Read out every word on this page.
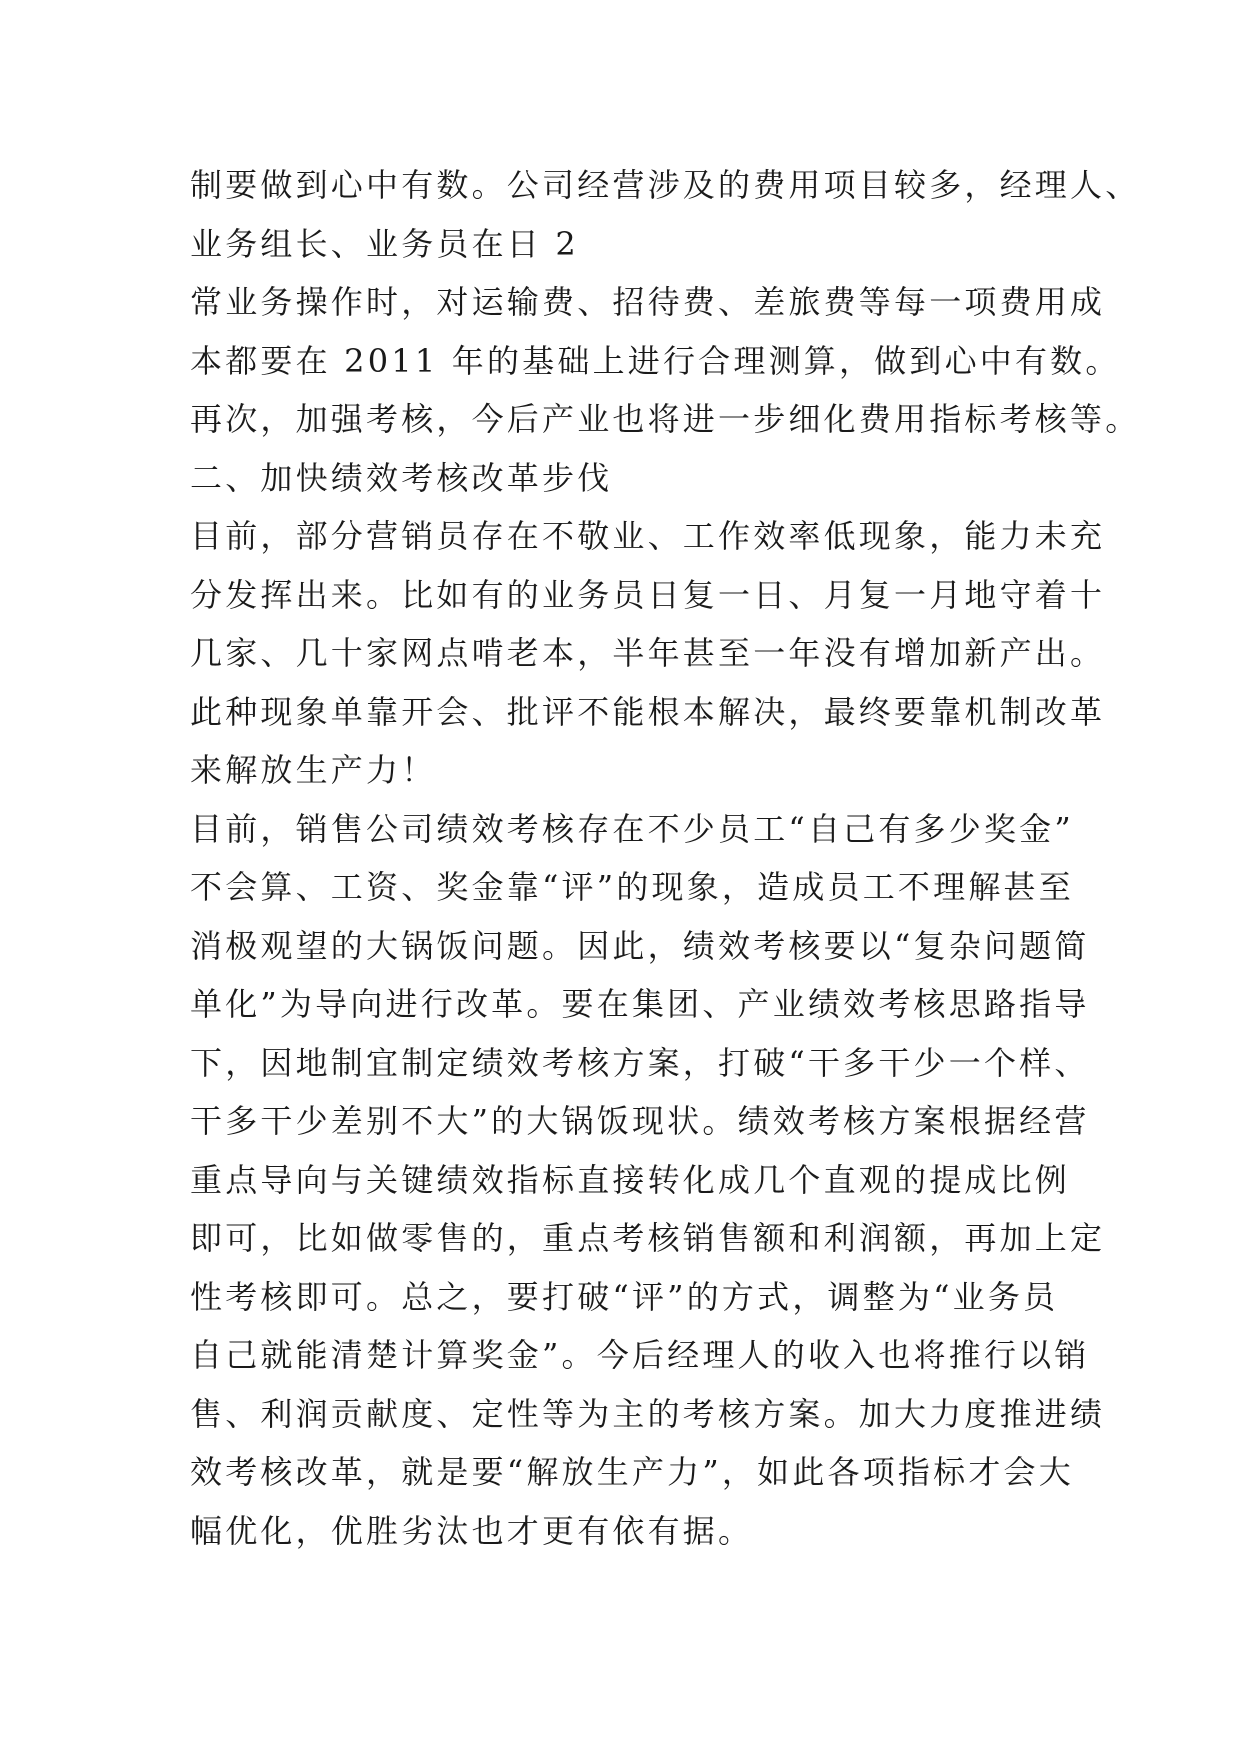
制要做到心中有数。公司经营涉及的费用项目较多，经理人、
业务组长、业务员在日 2
常业务操作时，对运输费、招待费、差旅费等每一项费用成
本都要在 2011 年的基础上进行合理测算，做到心中有数。
再次，加强考核，今后产业也将进一步细化费用指标考核等。
二、加快绩效考核改革步伐
目前，部分营销员存在不敬业、工作效率低现象，能力未充
分发挥出来。比如有的业务员日复一日、月复一月地守着十
几家、几十家网点啃老本，半年甚至一年没有增加新产出。
此种现象单靠开会、批评不能根本解决，最终要靠机制改革
来解放生产力！
目前，销售公司绩效考核存在不少员工“自己有多少奖金”
不会算、工资、奖金靠“评”的现象，造成员工不理解甚至
消极观望的大锅饭问题。因此，绩效考核要以“复杂问题简
单化”为导向进行改革。要在集团、产业绩效考核思路指导
下，因地制宜制定绩效考核方案，打破“干多干少一个样、
干多干少差别不大”的大锅饭现状。绩效考核方案根据经营
重点导向与关键绩效指标直接转化成几个直观的提成比例
即可，比如做零售的，重点考核销售额和利润额，再加上定
性考核即可。总之，要打破“评”的方式，调整为“业务员
自己就能清楚计算奖金”。今后经理人的收入也将推行以销
售、利润贡献度、定性等为主的考核方案。加大力度推进绩
效考核改革，就是要“解放生产力”，如此各项指标才会大
幅优化，优胜劣汰也才更有依有据。
